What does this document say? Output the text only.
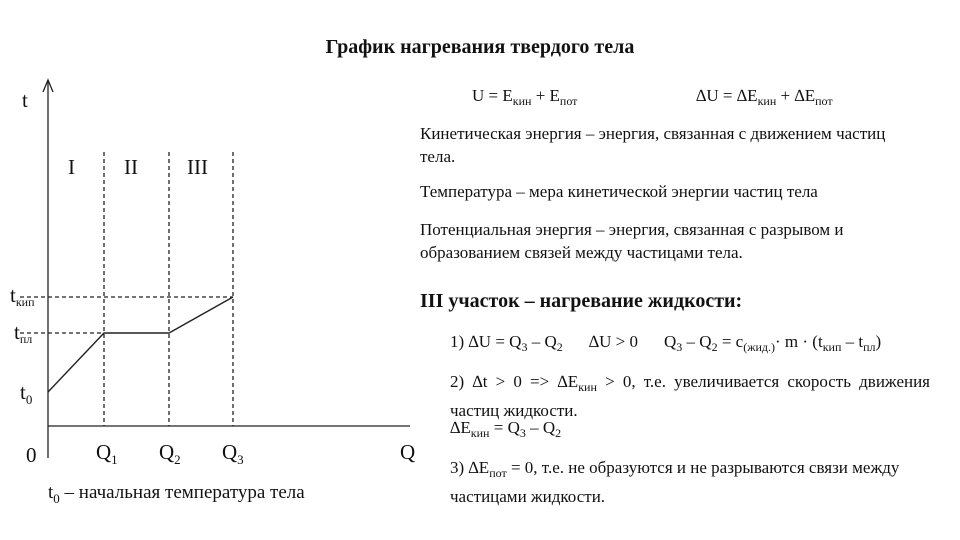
График нагревания твердого тела
t
Q
0
I II III
$t_{кип}$
$t_{пл}$
$t_0$
$Q_1$ $Q_2$ $Q_3$
$t_0$ – начальная температура тела
$U = E_{кин} + E_{пот}$	$\Delta U = \Delta E_{кин} + \Delta E_{пот}$
Кинетическая энергия – энергия, связанная с движением частиц тела.
Температура – мера кинетической энергии частиц тела
Потенциальная энергия – энергия, связанная с разрывом и образованием связей между частицами тела.
III участок – нагревание жидкости:
1) $\Delta U = Q_3 - Q_2$ ∆U > 0 $Q_3 - Q_2 = c_{(жид.)}\cdot m \cdot (t_{кип} - t_{пл})$
2) $\Delta t > 0 => \Delta E_{кин} > 0$, т.е. увеличивается скорость движения частиц жидкости.
$\Delta E_{кин} = Q_3 - Q_2$
3) $\Delta E_{пот} = 0$, т.е. не образуются и не разрываются связи между частицами жидкости.
